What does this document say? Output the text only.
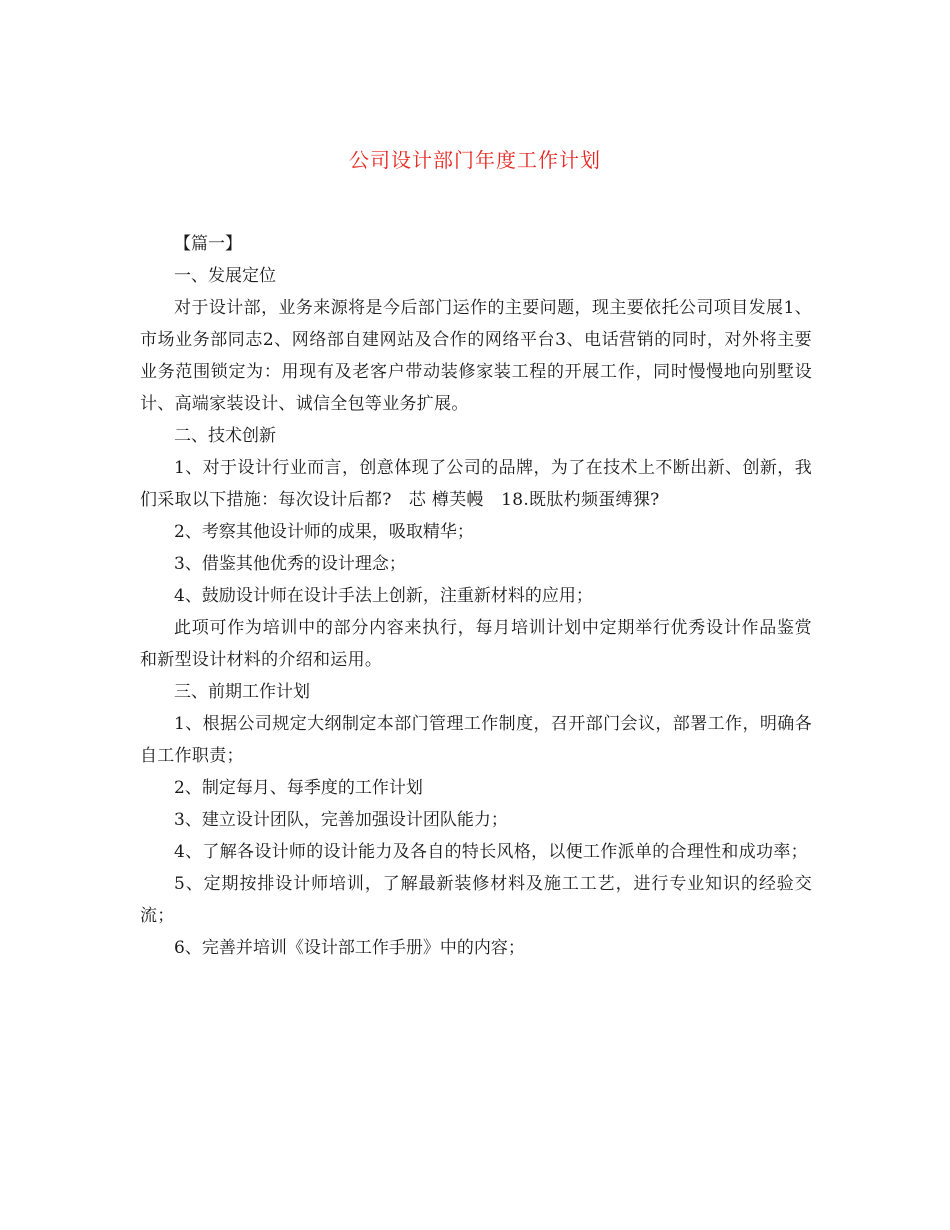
公司设计部门年度工作计划

【篇一】

一、发展定位

对于设计部，业务来源将是今后部门运作的主要问题，现主要依托公司项目发展1、市场业务部同志2、网络部自建网站及合作的网络平台3、电话营销的同时，对外将主要业务范围锁定为：用现有及老客户带动装修家装工程的开展工作，同时慢慢地向别墅设计、高端家装设计、诚信全包等业务扩展。

二、技术创新

1、对于设计行业而言，创意体现了公司的品牌，为了在技术上不断出新、创新，我们采取以下措施：每次设计后都?　芯 樽芙幔　18.既肽杓频蛋缚猓?

2、考察其他设计师的成果，吸取精华；

3、借鉴其他优秀的设计理念；

4、鼓励设计师在设计手法上创新，注重新材料的应用；

此项可作为培训中的部分内容来执行，每月培训计划中定期举行优秀设计作品鉴赏和新型设计材料的介绍和运用。

三、前期工作计划

1、根据公司规定大纲制定本部门管理工作制度，召开部门会议，部署工作，明确各自工作职责；

2、制定每月、每季度的工作计划

3、建立设计团队，完善加强设计团队能力；

4、了解各设计师的设计能力及各自的特长风格，以便工作派单的合理性和成功率；

5、定期按排设计师培训，了解最新装修材料及施工工艺，进行专业知识的经验交流；

6、完善并培训《设计部工作手册》中的内容；
